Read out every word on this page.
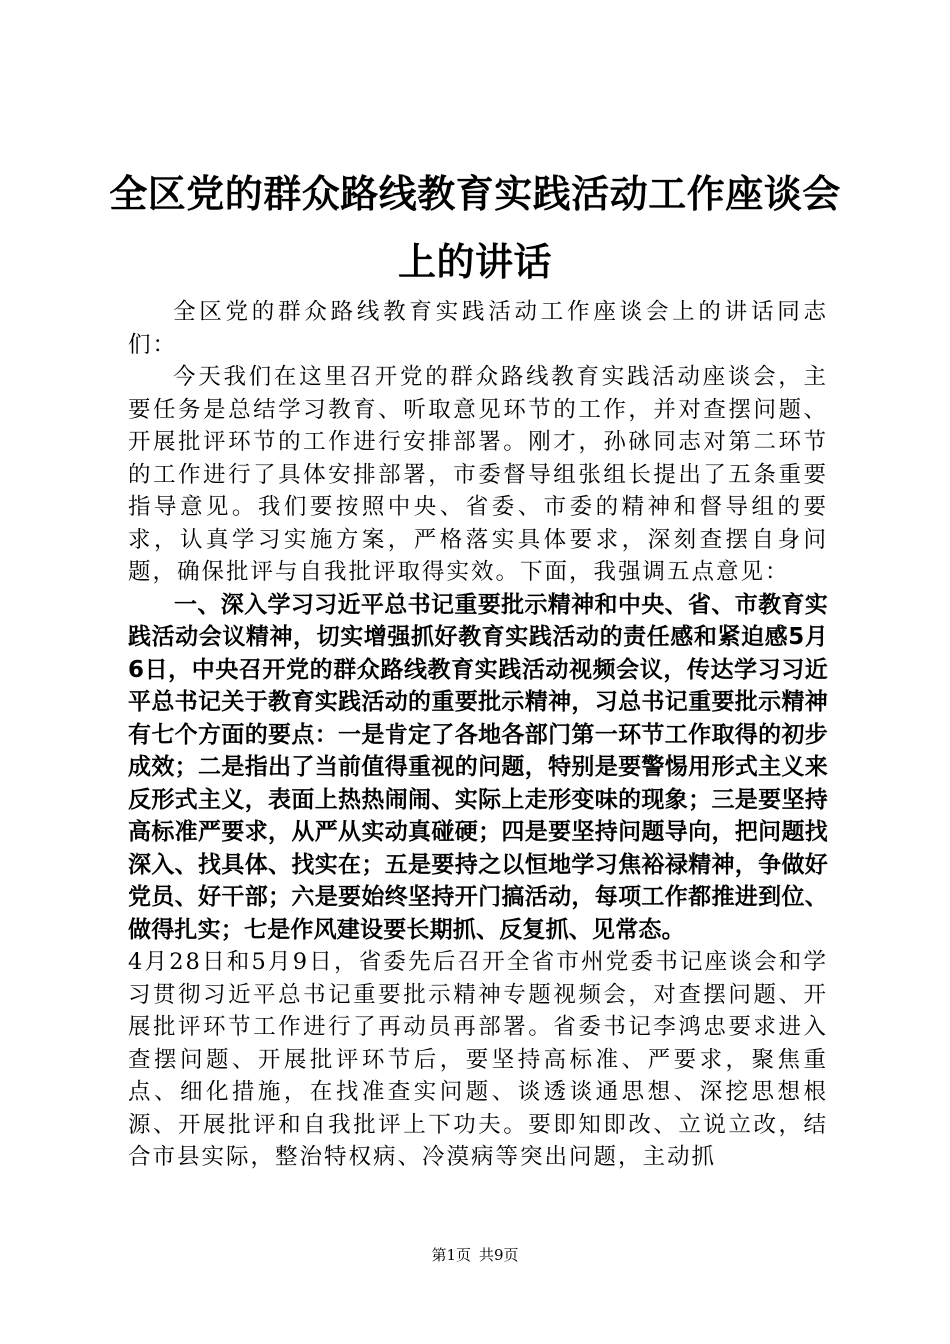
全区党的群众路线教育实践活动工作座谈会上的讲话

全区党的群众路线教育实践活动工作座谈会上的讲话同志们：

今天我们在这里召开党的群众路线教育实践活动座谈会，主要任务是总结学习教育、听取意见环节的工作，并对查摆问题、开展批评环节的工作进行安排部署。刚才，孙砯同志对第二环节的工作进行了具体安排部署，市委督导组张组长提出了五条重要指导意见。我们要按照中央、省委、市委的精神和督导组的要求，认真学习实施方案，严格落实具体要求，深刻查摆自身问题，确保批评与自我批评取得实效。下面，我强调五点意见：

一、深入学习习近平总书记重要批示精神和中央、省、市教育实践活动会议精神，切实增强抓好教育实践活动的责任感和紧迫感5月6日，中央召开党的群众路线教育实践活动视频会议，传达学习习近平总书记关于教育实践活动的重要批示精神，习总书记重要批示精神有七个方面的要点：一是肯定了各地各部门第一环节工作取得的初步成效；二是指出了当前值得重视的问题，特别是要警惕用形式主义来反形式主义，表面上热热闹闹、实际上走形变味的现象；三是要坚持高标准严要求，从严从实动真碰硬；四是要坚持问题导向，把问题找深入、找具体、找实在；五是要持之以恒地学习焦裕禄精神，争做好党员、好干部；六是要始终坚持开门搞活动，每项工作都推进到位、做得扎实；七是作风建设要长期抓、反复抓、见常态。

4月28日和5月9日，省委先后召开全省市州党委书记座谈会和学习贯彻习近平总书记重要批示精神专题视频会，对查摆问题、开展批评环节工作进行了再动员再部署。省委书记李鸿忠要求进入查摆问题、开展批评环节后，要坚持高标准、严要求，聚焦重点、细化措施，在找准查实问题、谈透谈通思想、深挖思想根源、开展批评和自我批评上下功夫。要即知即改、立说立改，结合市县实际，整治特权病、冷漠病等突出问题，主动抓

第1页 共9页
